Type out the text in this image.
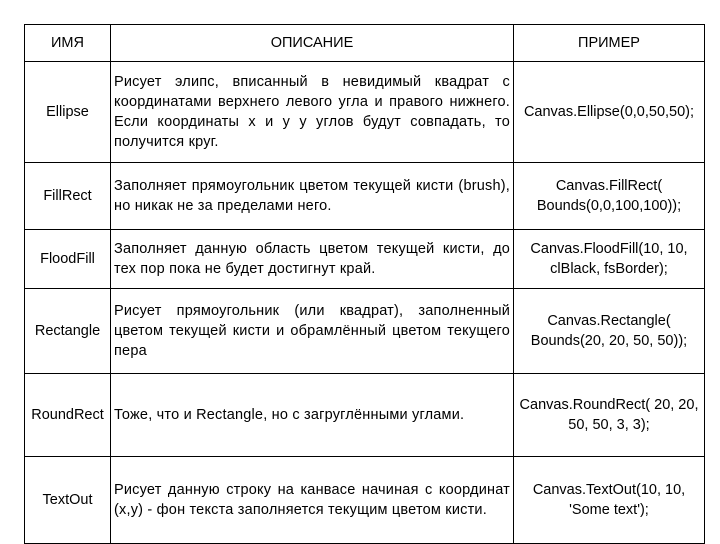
ИМЯ	ОПИСАНИЕ	ПРИМЕР
Ellipse	Рисует элипс, вписанный в невидимый квадрат с координатами верхнего левого угла и правого нижнего. Если координаты х и у у углов будут совпадать, то получится круг.	Canvas.Ellipse(0,0,50,50);
FillRect	Заполняет прямоугольник цветом текущей кисти (brush), но никак не за пределами него.	Canvas.FillRect( Bounds(0,0,100,100));
FloodFill	Заполняет данную область цветом текущей кисти, до тех пор пока не будет достигнут край.	Canvas.FloodFill(10, 10, clBlack, fsBorder);
Rectangle	Рисует прямоугольник (или квадрат), заполненный цветом текущей кисти и обрамлённый цветом текущего пера	Canvas.Rectangle( Bounds(20, 20, 50, 50));
RoundRect	Тоже, что и Rectangle, но с загруглёнными углами.	Canvas.RoundRect( 20, 20, 50, 50, 3, 3);
TextOut	Рисует данную строку на канвасе начиная с координат (x,y) - фон текста заполняется текущим цветом кисти.	Canvas.TextOut(10, 10, 'Some text');
